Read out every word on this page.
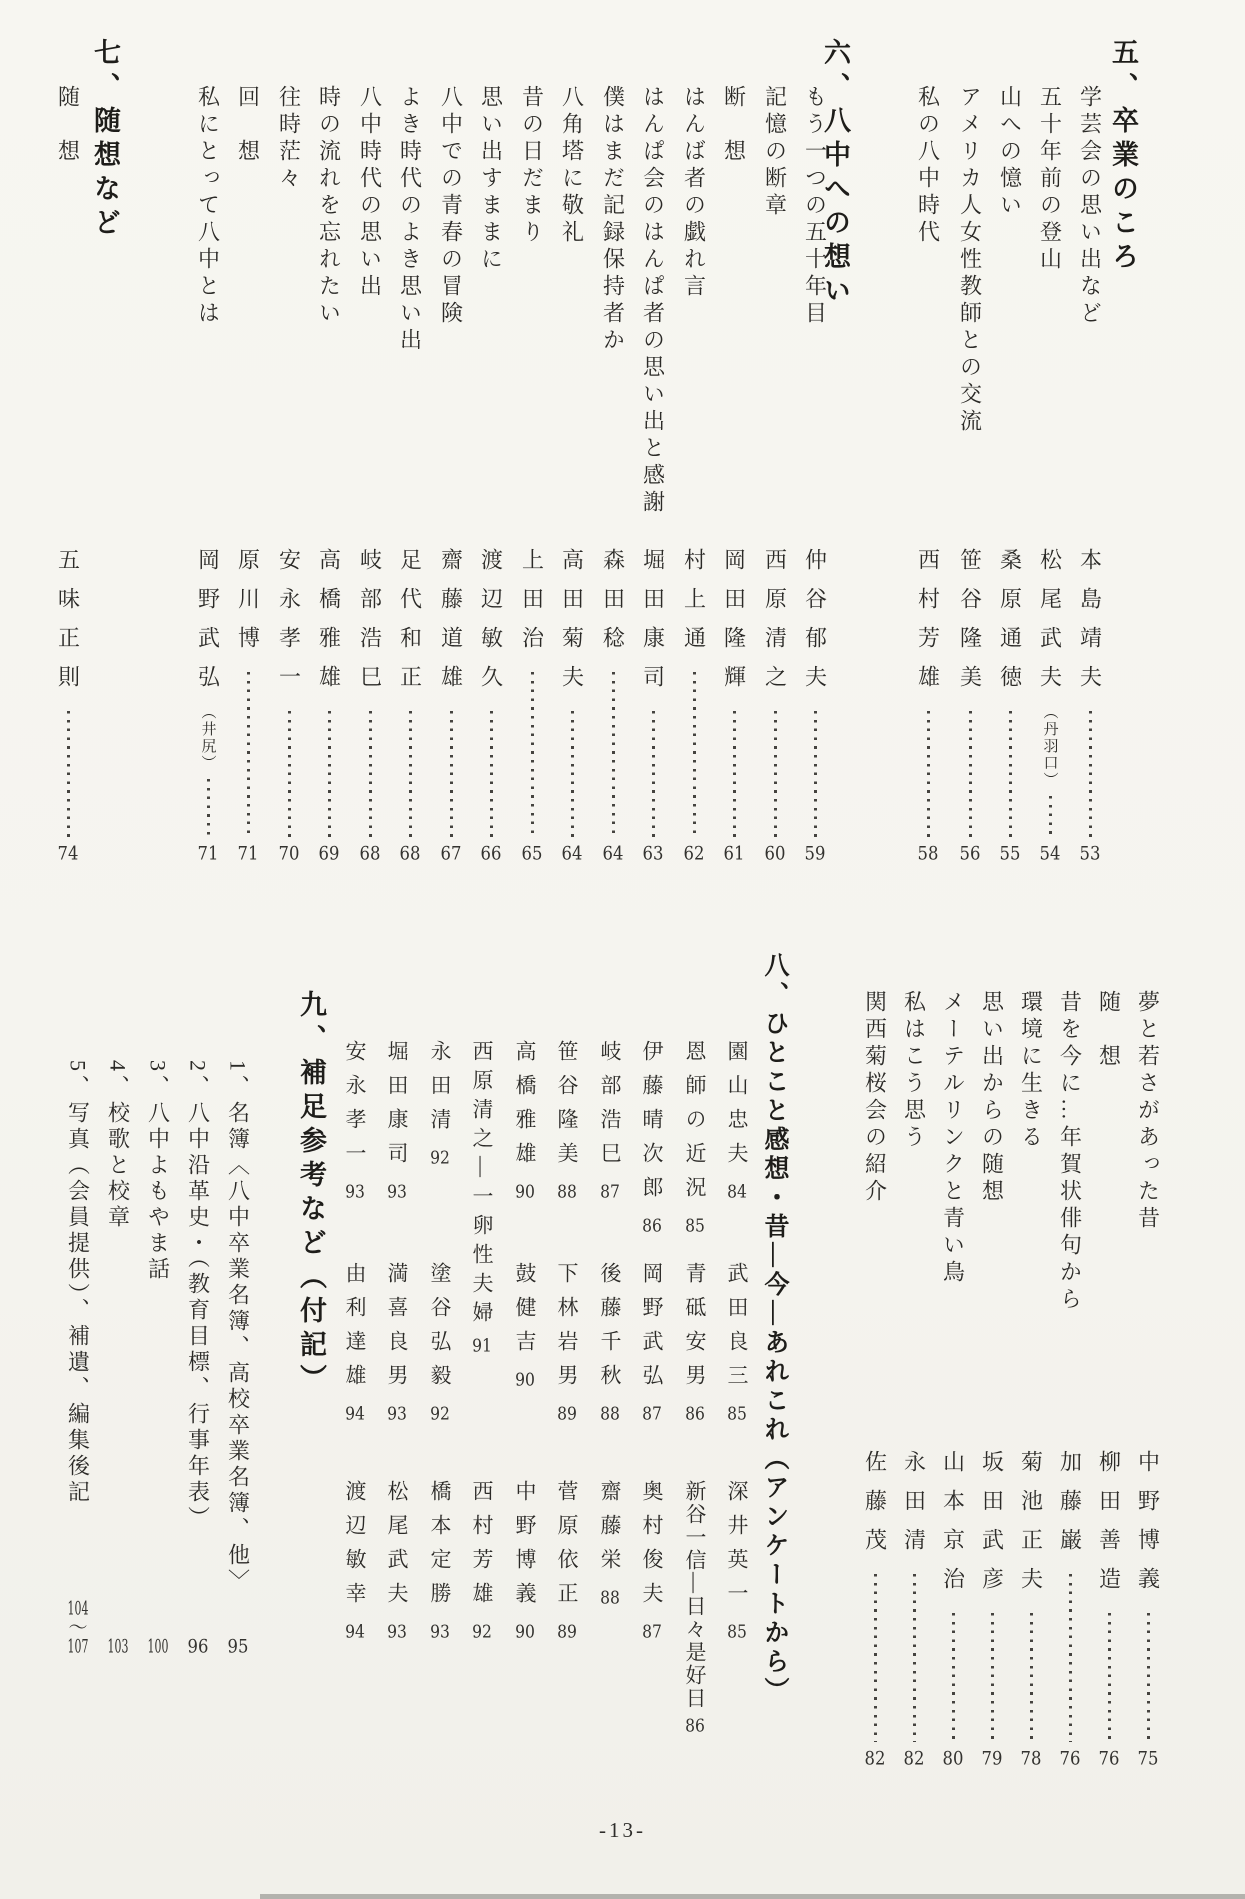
五、卒業のころ
学芸会の思い出など
本島靖夫
53
五十年前の登山
松尾武夫
（丹羽口）
54
山への憶い
桑原通徳
55
アメリカ人女性教師との交流
笹谷隆美
56
私の八中時代
西村芳雄
58
六、八中への想い
もう一つの五十年目
仲谷郁夫
59
記憶の断章
西原清之
60
断　想
岡田隆輝
61
はんば者の戯れ言
村上通
62
はんぱ会のはんぱ者の思い出と感謝
堀田康司
63
僕はまだ記録保持者か
森田稔
64
八角塔に敬礼
高田菊夫
64
昔の日だまり
上田治
65
思い出すままに
渡辺敏久
66
八中での青春の冒険
齋藤道雄
67
よき時代のよき思い出
足代和正
68
八中時代の思い出
岐部浩巳
68
時の流れを忘れたい
高橋雅雄
69
往時茫々
安永孝一
70
回　想
原川博
71
私にとって八中とは
岡野武弘
（井尻）
71
七、随想など
随　想
五味正則
74
八、ひとこと感想・昔―今―あれこれ（アンケートから）	夢と若さがあった昔
中野博義
75
随　想
柳田善造
76
昔を今に…年賀状俳句から
加藤巌
76
環境に生きる
菊池正夫
78
思い出からの随想
坂田武彦
79
メーテルリンクと青い鳥
山本京治
80
私はこう思う
永田清
82
関西菊桜会の紹介
佐藤茂
82
園山忠夫
84
武田良三
85
深井英一
85
恩師の近況
85
青砥安男
86
新谷一信―日々是好日
86
伊藤晴次郎
86
岡野武弘
87
奥村俊夫
87
岐部浩巳
87
後藤千秋
88
齋藤栄
88
笹谷隆美
88
下林岩男
89
菅原依正
89
高橋雅雄
90
鼓健吉
90
中野博義
90
西原清之―一卵性夫婦
91
西村芳雄
92
永田清
92
塗谷弘毅
92
橋本定勝
93
堀田康司
93
満喜良男
93
松尾武夫
93
安永孝一
93
由利達雄
94
渡辺敏幸
94
九、補足参考など（付記）
1、名簿〈八中卒業名簿、高校卒業名簿、他〉
95
2、八中沿革史・（教育目標、行事年表）
96
3、八中よもやま話
100
4、校歌と校章
103
5、写真（会員提供）、補遺、編集後記
104
〜
107
-13-
